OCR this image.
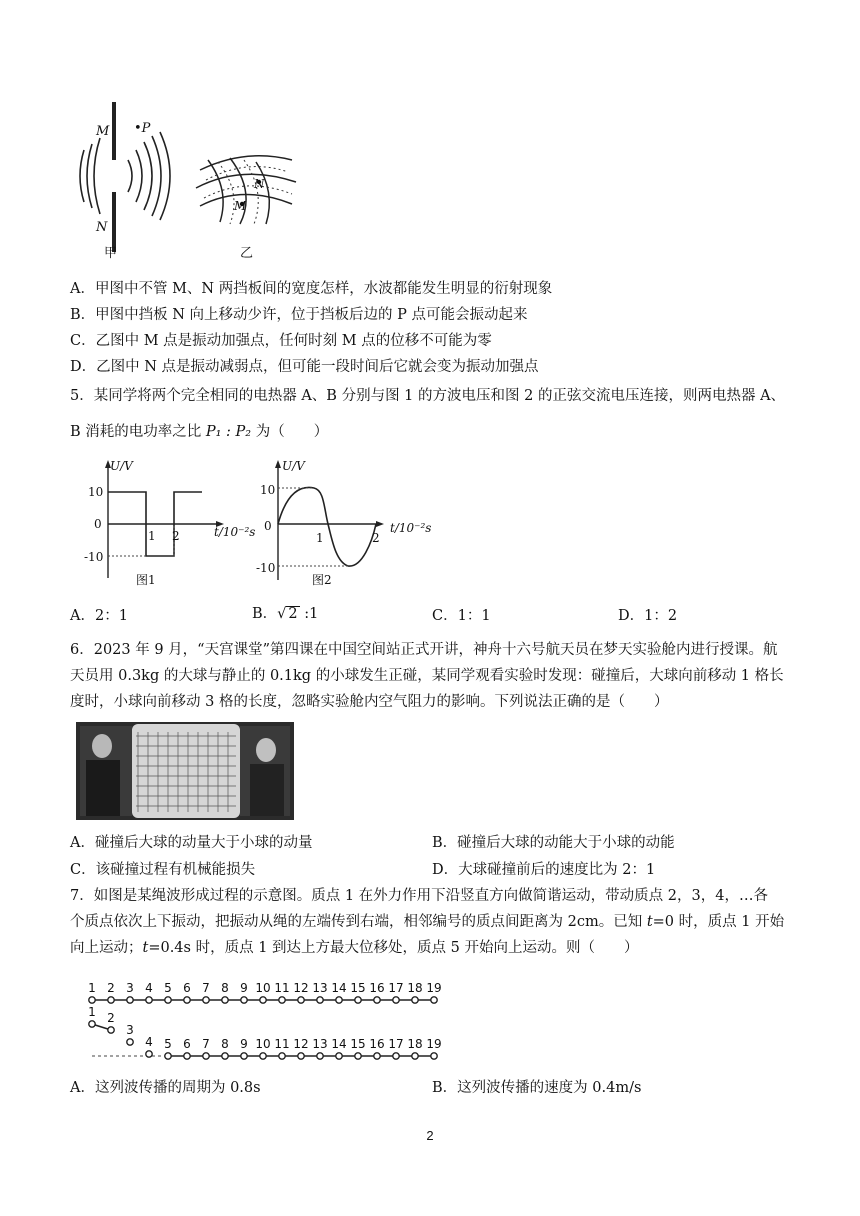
M •P
N
N
M
甲	乙
A．甲图中不管 M、N 两挡板间的宽度怎样，水波都能发生明显的衍射现象
B．甲图中挡板 N 向上移动少许，位于挡板后边的 P 点可能会振动起来
C．乙图中 M 点是振动加强点，任何时刻 M 点的位移不可能为零
D．乙图中 N 点是振动减弱点，但可能一段时间后它就会变为振动加强点
5．某同学将两个完全相同的电热器 A、B 分别与图 1 的方波电压和图 2 的正弦交流电压连接，则两电热器 A、
B 消耗的电功率之比 P₁ : P₂ 为（　　）
U/V
10
0
-10
1 2	t/10⁻²s
图1
U/V
10
0
-10
1	2
t/10⁻²s
图2
A．2：1	B．√ 2 :1	C．1：1	D．1：2
6．2023 年 9 月，“天宫课堂”第四课在中国空间站正式开讲，神舟十六号航天员在梦天实验舱内进行授课。航
天员用 0.3kg 的大球与静止的 0.1kg 的小球发生正碰，某同学观看实验时发现：碰撞后，大球向前移动 1 格长
度时，小球向前移动 3 格的长度，忽略实验舱内空气阻力的影响。下列说法正确的是（　　）
A．碰撞后大球的动量大于小球的动量	B．碰撞后大球的动能大于小球的动能
C．该碰撞过程有机械能损失	D．大球碰撞前后的速度比为 2：1
7．如图是某绳波形成过程的示意图。质点 1 在外力作用下沿竖直方向做简谐运动，带动质点 2，3，4，…各
个质点依次上下振动，把振动从绳的左端传到右端，相邻编号的质点间距离为 2cm。已知 t=0 时，质点 1 开始
向上运动；t=0.4s 时，质点 1 到达上方最大位移处，质点 5 开始向上运动。则（　　）
1 2 3 4 5 6 7 8 9 10 11 12 13 14 15 16 17 18 19
1 2
3
4 5 6 7 8 9 10 11 12 13 14 15 16 17 18 19
A．这列波传播的周期为 0.8s	B．这列波传播的速度为 0.4m/s
2
